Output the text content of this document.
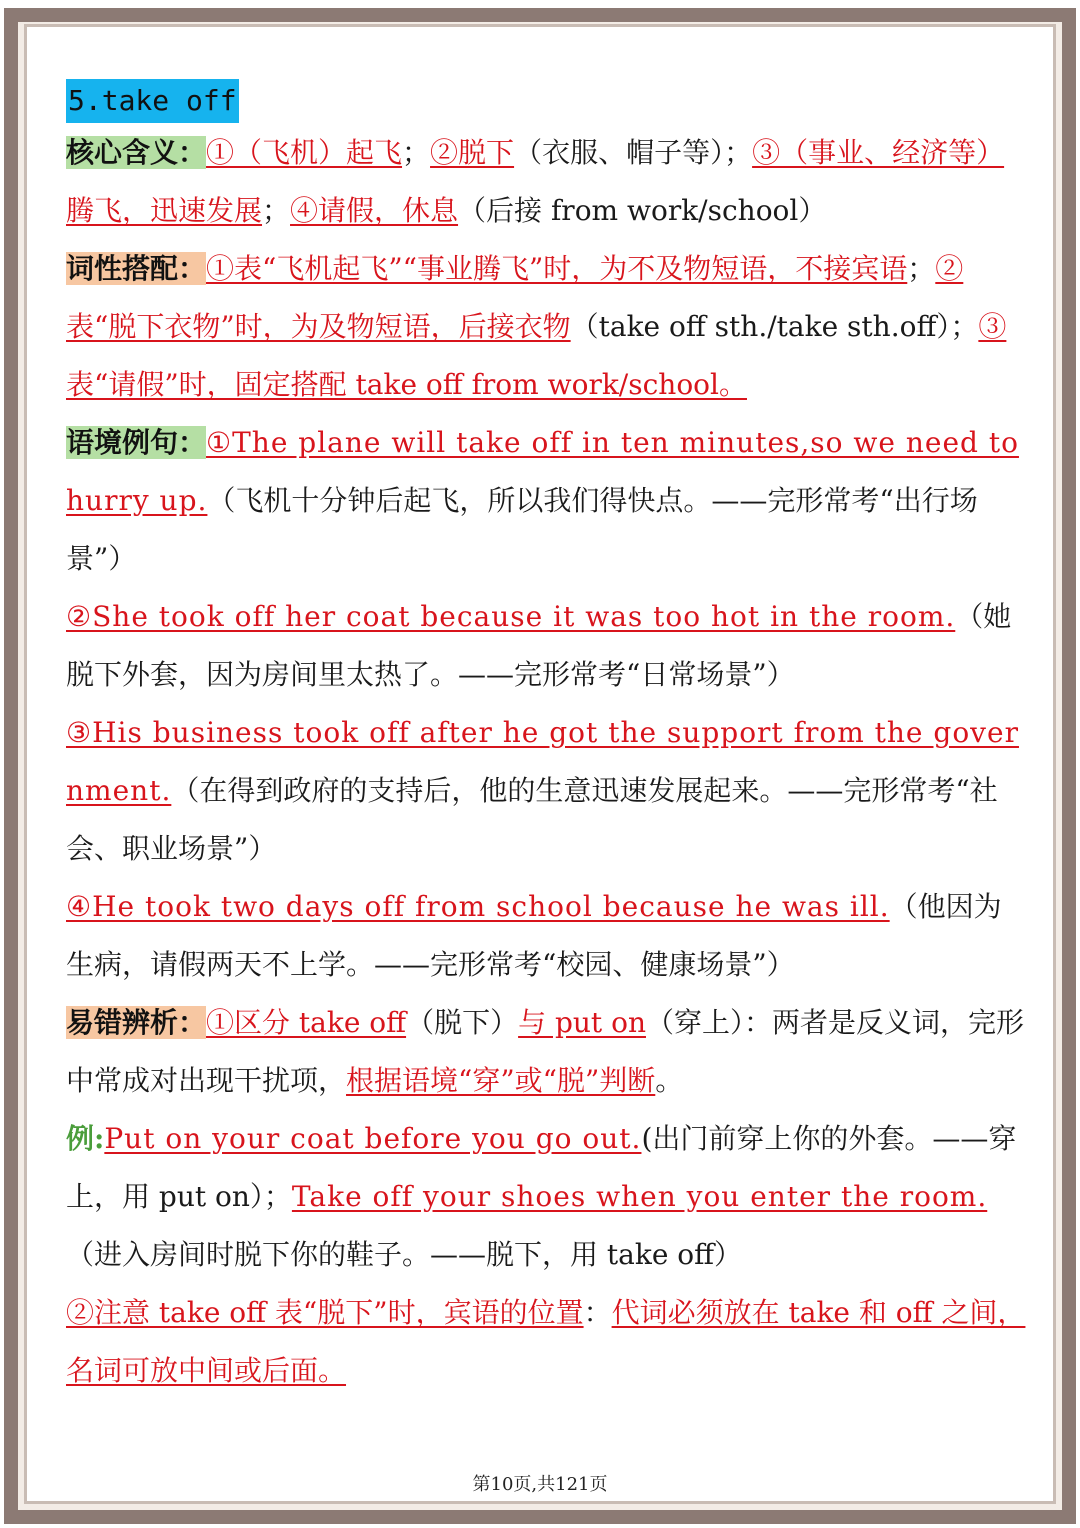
5.take off

核心含义：①（飞机）起飞；②脱下（衣服、帽子等）；③（事业、经济等）腾飞，迅速发展；④请假，休息（后接 from work/school）

词性搭配：①表“飞机起飞”“事业腾飞”时，为不及物短语，不接宾语；②表“脱下衣物”时，为及物短语，后接衣物（take off sth./take sth.off）；③表“请假”时，固定搭配 take off from work/school。

语境例句：①The plane will take off in ten minutes,so we need to hurry up.（飞机十分钟后起飞，所以我们得快点。——完形常考“出行场景”）

②She took off her coat because it was too hot in the room.（她脱下外套，因为房间里太热了。——完形常考“日常场景”）

③His business took off after he got the support from the government.（在得到政府的支持后，他的生意迅速发展起来。——完形常考“社会、职业场景”）

④He took two days off from school because he was ill.（他因为生病，请假两天不上学。——完形常考“校园、健康场景”）

易错辨析：①区分 take off（脱下）与 put on（穿上）：两者是反义词，完形中常成对出现干扰项，根据语境“穿”或“脱”判断。

例:Put on your coat before you go out.(出门前穿上你的外套。——穿上，用 put on）；Take off your shoes when you enter the room.（进入房间时脱下你的鞋子。——脱下，用 take off）

②注意 take off 表“脱下”时，宾语的位置：代词必须放在 take 和 off 之间，名词可放中间或后面。

第10页,共121页
